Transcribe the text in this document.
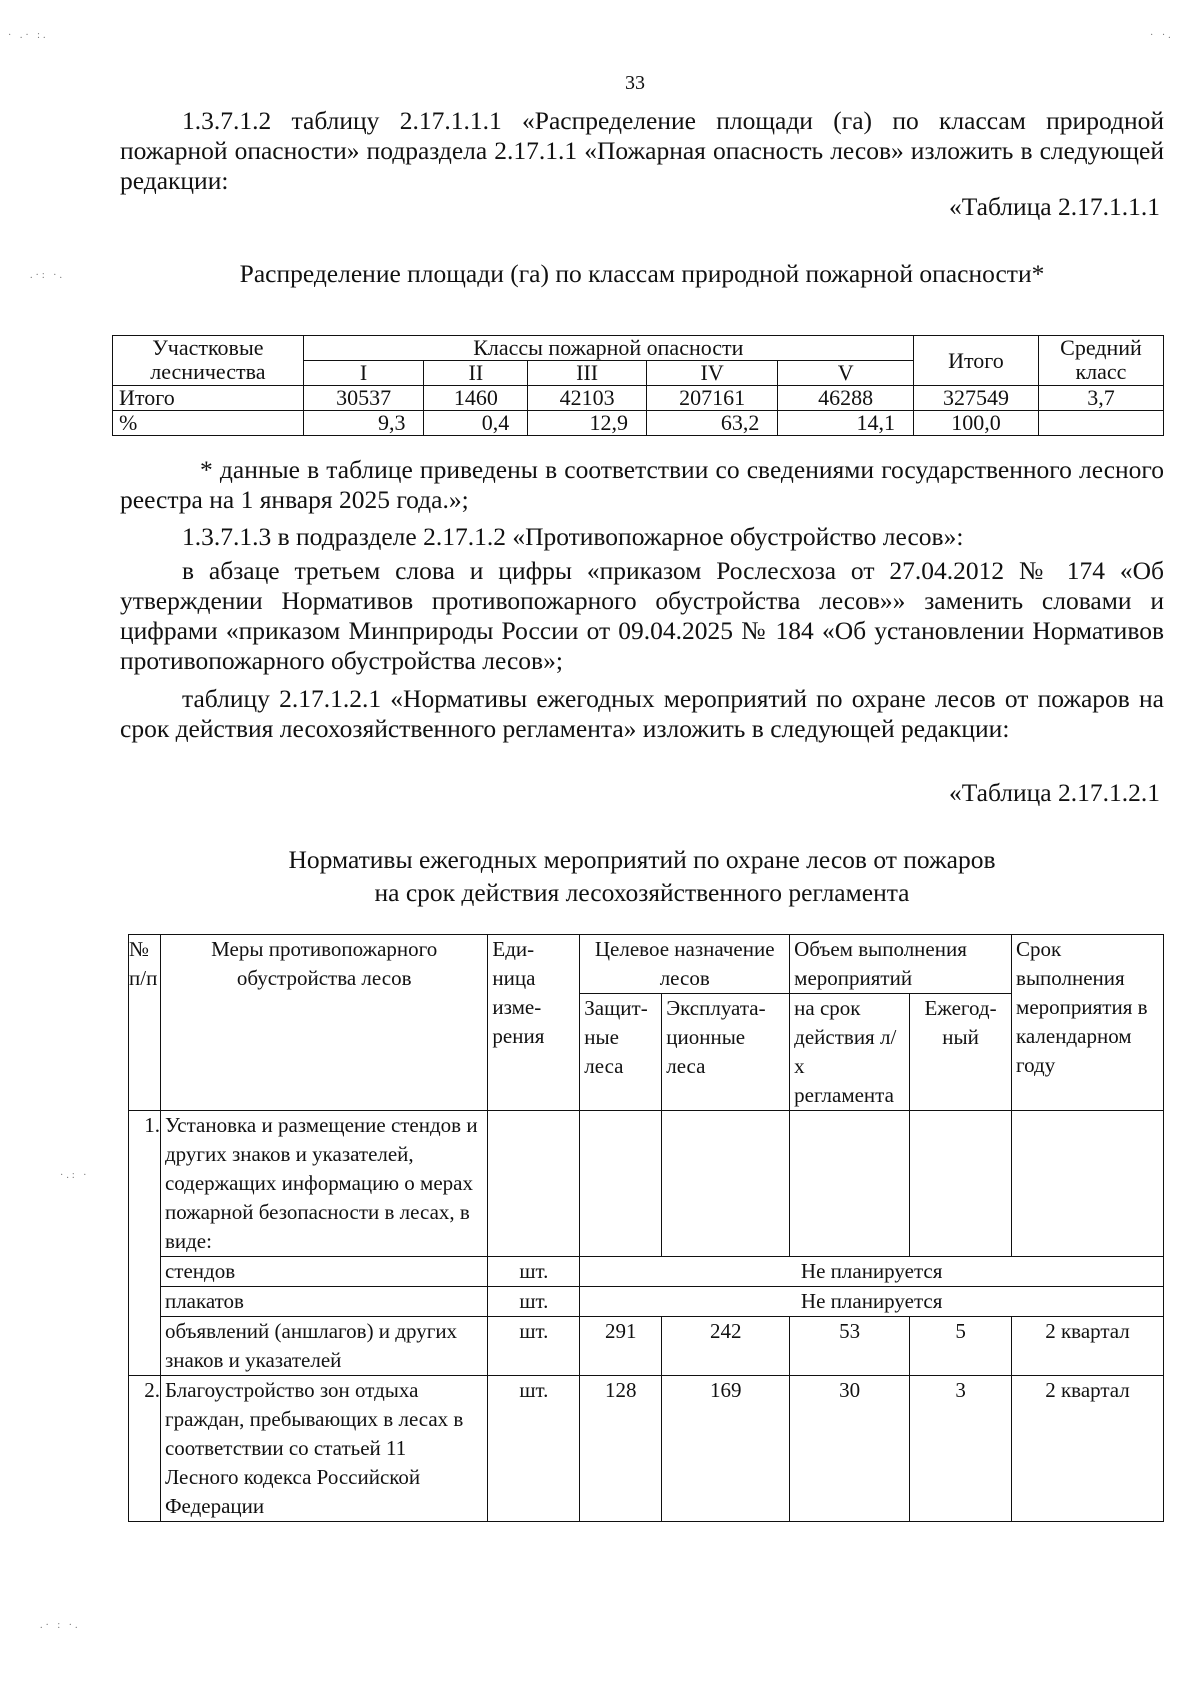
33
1.3.7.1.2 таблицу 2.17.1.1.1 «Распределение площади (га) по классам природной пожарной опасности» подраздела 2.17.1.1 «Пожарная опасность лесов» изложить в следующей редакции:
«Таблица 2.17.1.1.1
Распределение площади (га) по классам природной пожарной опасности*
Участковые лесничества	Классы пожарной опасности					Итого	Средний класс
	I	II	III	IV	V		
Итого	30537	1460	42103	207161	46288	327549	3,7
%	9,3	0,4	12,9	63,2	14,1	100,0	
* данные в таблице приведены в соответствии со сведениями государственного лесного реестра на 1 января 2025 года.»;
1.3.7.1.3 в подразделе 2.17.1.2 «Противопожарное обустройство лесов»:
в абзаце третьем слова и цифры «приказом Рослесхоза от 27.04.2012 № 174 «Об утверждении Нормативов противопожарного обустройства лесов»» заменить словами и цифрами «приказом Минприроды России от 09.04.2025 № 184 «Об установлении Нормативов противопожарного обустройства лесов»;
таблицу 2.17.1.2.1 «Нормативы ежегодных мероприятий по охране лесов от пожаров на срок действия лесохозяйственного регламента» изложить в следующей редакции:
«Таблица 2.17.1.2.1
Нормативы ежегодных мероприятий по охране лесов от пожаров
на срок действия лесохозяйственного регламента
№ п/п	Меры противопожарного обустройства лесов	Еди-ница изме-рения	Целевое назначение лесов		Объем выполнения мероприятий		Срок выполнения мероприятия в календарном году
			Защит-ные леса	Эксплуата-ционные леса	на срок действия л/х регламента	Ежегод-ный	
1.	Установка и размещение стендов и других знаков и указателей, содержащих информацию о мерах пожарной безопасности в лесах, в виде:						
	стендов	шт.	Не планируется				
	плакатов	шт.	Не планируется				
	объявлений (аншлагов) и других знаков и указателей	шт.	291	242	53	5	2 квартал
2.	Благоустройство зон отдыха граждан, пребывающих в лесах в соответствии со статьей 11 Лесного кодекса Российской Федерации	шт.	128	169	30	3	2 квартал
· .· :.
.·: ·.
· ·.
·.: ·
.· : ·.
